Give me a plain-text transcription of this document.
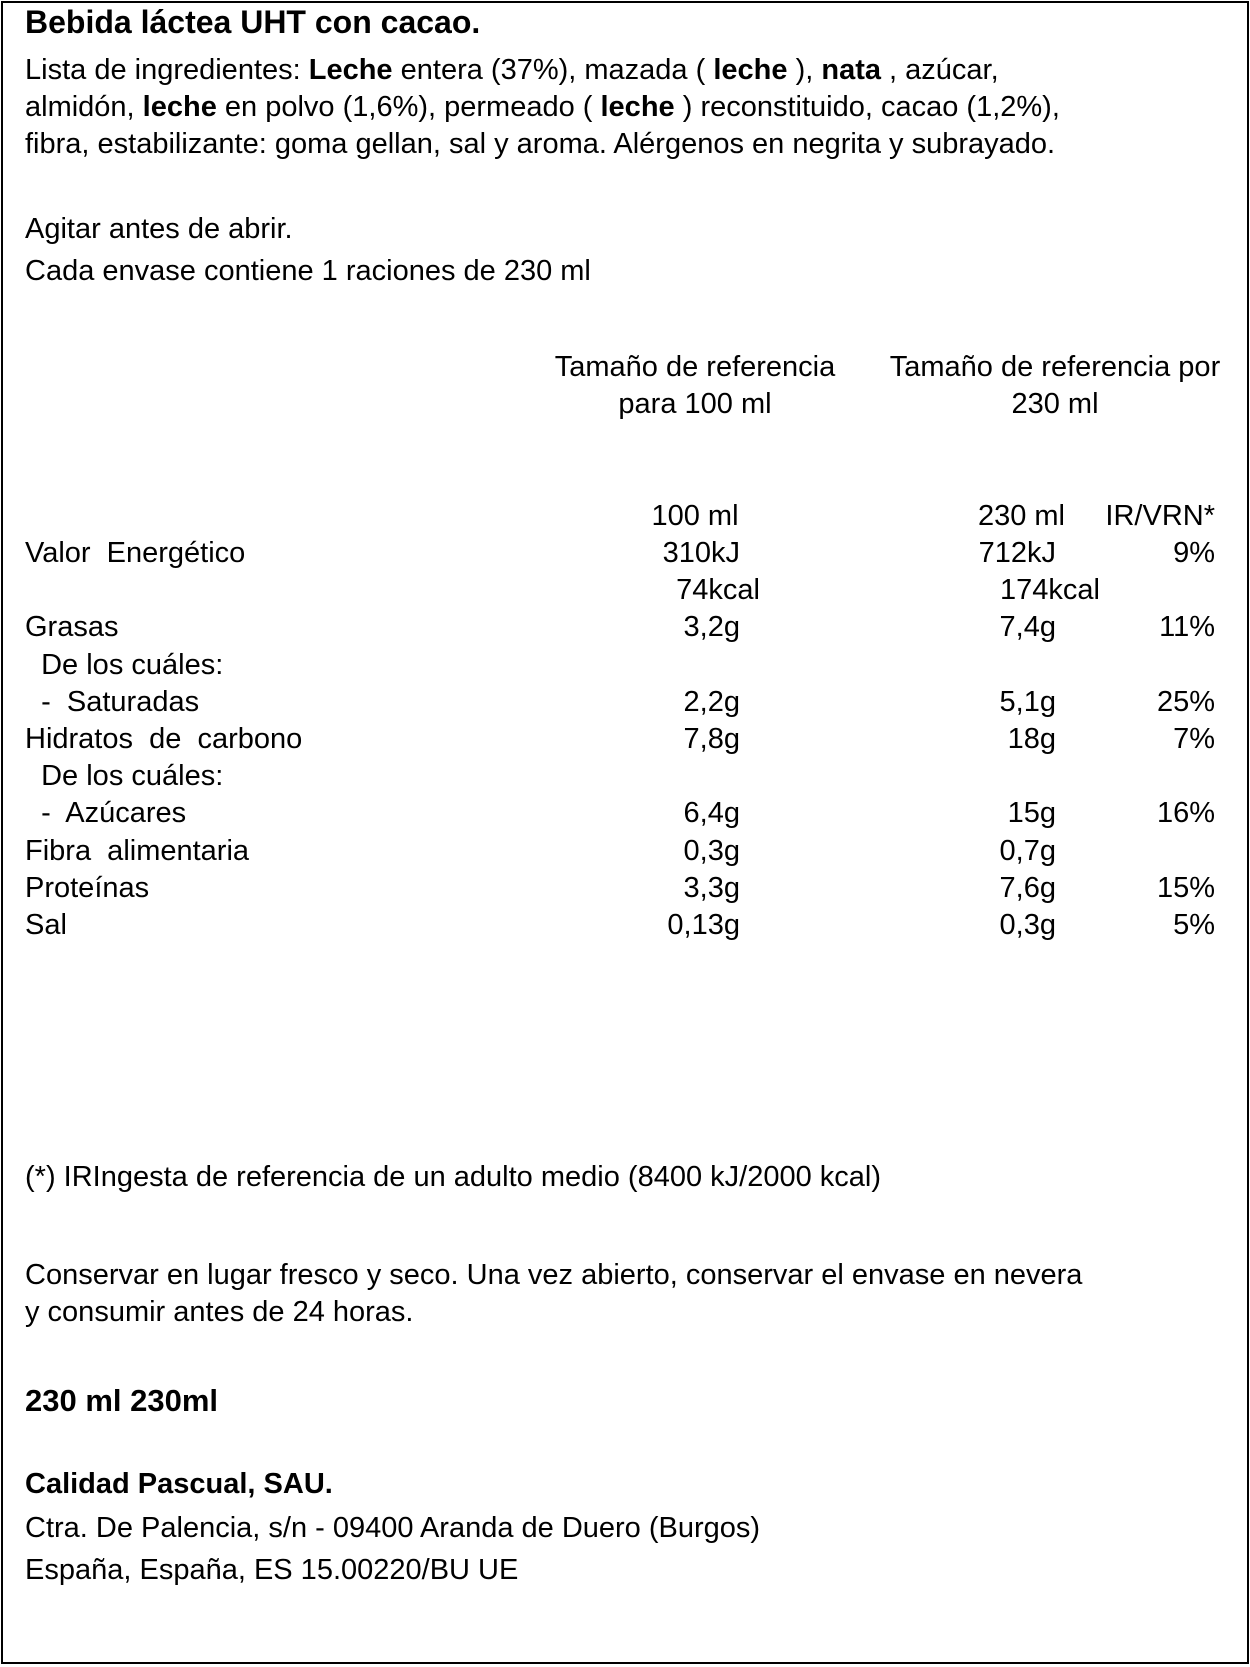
Bebida láctea UHT con cacao.
Lista de ingredientes: Leche entera (37%), mazada ( leche ), nata , azúcar,
almidón, leche en polvo (1,6%), permeado ( leche ) reconstituido, cacao (1,2%),
fibra, estabilizante: goma gellan, sal y aroma. Alérgenos en negrita y subrayado.
Agitar antes de abrir.
Cada envase contiene 1 raciones de 230 ml
Tamaño de referencia
para 100 ml
Tamaño de referencia por
230 ml
100 ml	230 ml	IR/VRN*
Valor  Energético	310kJ	712kJ	9%
74kcal	174kcal
Grasas	3,2g	7,4g	11%
De los cuáles:
-  Saturadas	2,2g	5,1g	25%
Hidratos  de  carbono	7,8g	18g	7%
De los cuáles:
-  Azúcares	6,4g	15g	16%
Fibra  alimentaria	0,3g	0,7g
Proteínas	3,3g	7,6g	15%
Sal	0,13g	0,3g	5%
(*) IRIngesta de referencia de un adulto medio (8400 kJ/2000 kcal)
Conservar en lugar fresco y seco. Una vez abierto, conservar el envase en nevera
y consumir antes de 24 horas.
230 ml 230ml
Calidad Pascual, SAU.
Ctra. De Palencia, s/n - 09400 Aranda de Duero (Burgos)
España, España, ES 15.00220/BU UE
